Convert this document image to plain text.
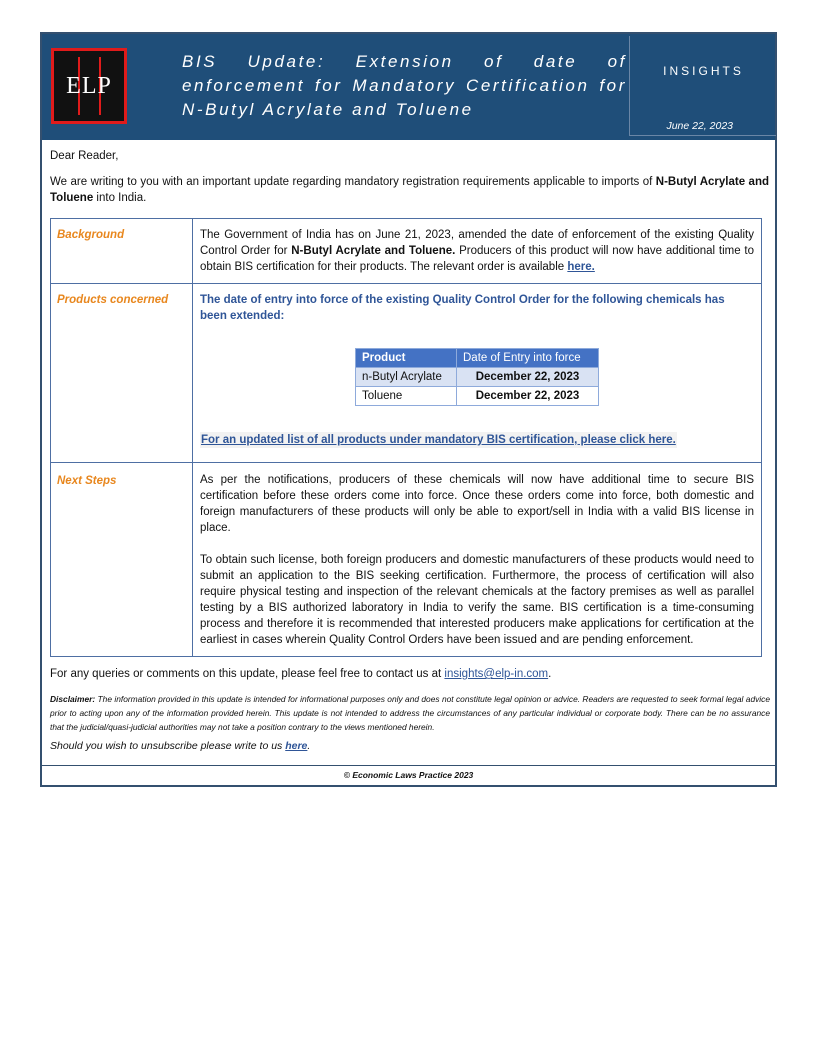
ELP
BIS Update: Extension of date of enforcement for Mandatory Certification for N-Butyl Acrylate and Toluene
INSIGHTS
June 22, 2023

Dear Reader,

We are writing to you with an important update regarding mandatory registration requirements applicable to imports of N-Butyl Acrylate and Toluene into India.

Background	The Government of India has on June 21, 2023, amended the date of enforcement of the existing Quality Control Order for N-Butyl Acrylate and Toluene. Producers of this product will now have additional time to obtain BIS certification for their products. The relevant order is available here.
Products concerned	The date of entry into force of the existing Quality Control Order for the following chemicals has been extended:
Product	Date of Entry into force
n-Butyl Acrylate	December 22, 2023
Toluene	December 22, 2023
For an updated list of all products under mandatory BIS certification, please click here.
Next Steps	As per the notifications, producers of these chemicals will now have additional time to secure BIS certification before these orders come into force. Once these orders come into force, both domestic and foreign manufacturers of these products will only be able to export/sell in India with a valid BIS license in place.

To obtain such license, both foreign producers and domestic manufacturers of these products would need to submit an application to the BIS seeking certification. Furthermore, the process of certification will also require physical testing and inspection of the relevant chemicals at the factory premises as well as parallel testing by a BIS authorized laboratory in India to verify the same. BIS certification is a time-consuming process and therefore it is recommended that interested producers make applications for certification at the earliest in cases wherein Quality Control Orders have been issued and are pending enforcement.

For any queries or comments on this update, please feel free to contact us at insights@elp-in.com.

Disclaimer: The information provided in this update is intended for informational purposes only and does not constitute legal opinion or advice. Readers are requested to seek formal legal advice prior to acting upon any of the information provided herein. This update is not intended to address the circumstances of any particular individual or corporate body. There can be no assurance that the judicial/quasi-judicial authorities may not take a position contrary to the views mentioned herein.

Should you wish to unsubscribe please write to us here.

© Economic Laws Practice 2023
